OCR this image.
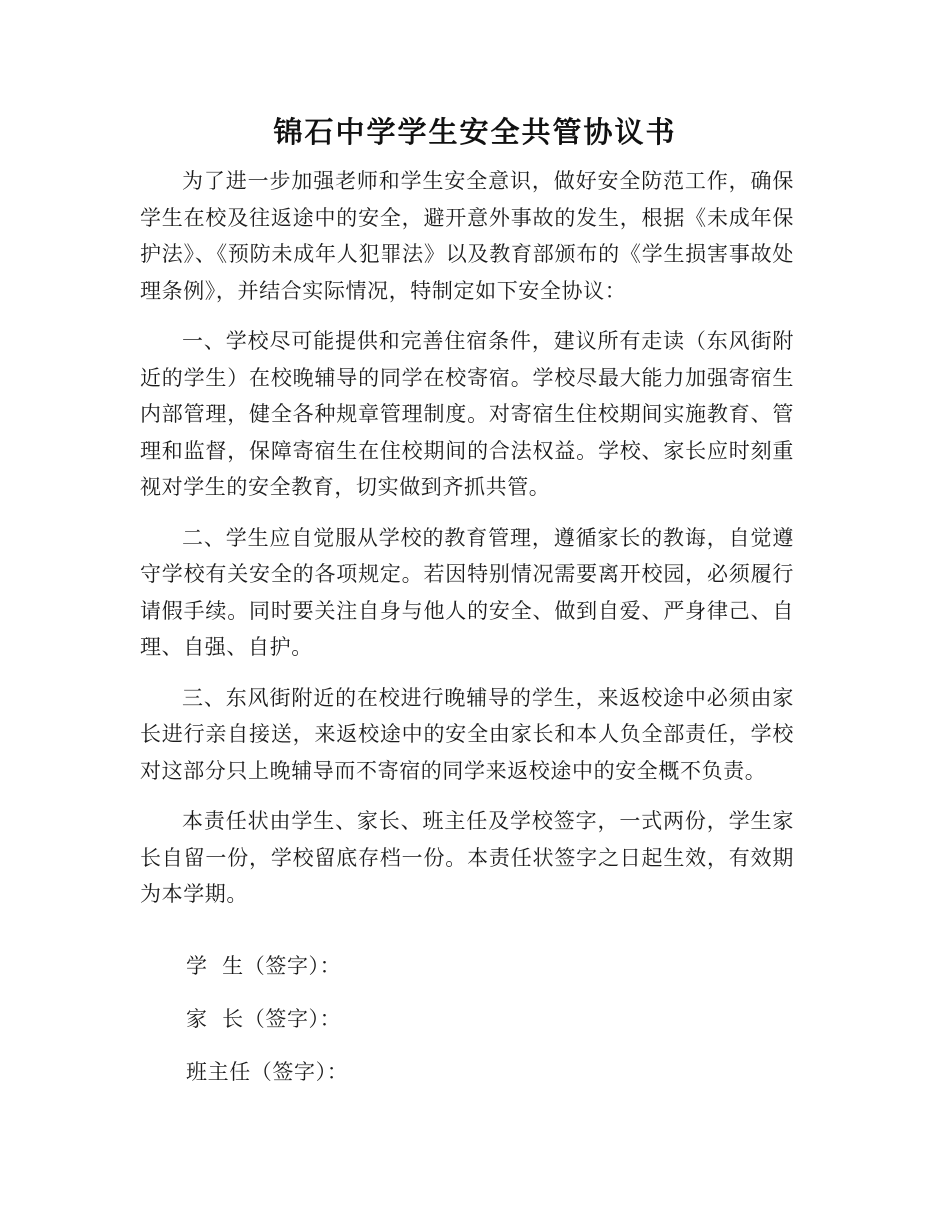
锦石中学学生安全共管协议书

为了进一步加强老师和学生安全意识，做好安全防范工作，确保学生在校及往返途中的安全，避开意外事故的发生，根据《未成年保护法》、《预防未成年人犯罪法》以及教育部颁布的《学生损害事故处理条例》，并结合实际情况，特制定如下安全协议：

一、学校尽可能提供和完善住宿条件，建议所有走读（东风街附近的学生）在校晚辅导的同学在校寄宿。学校尽最大能力加强寄宿生内部管理，健全各种规章管理制度。对寄宿生住校期间实施教育、管理和监督，保障寄宿生在住校期间的合法权益。学校、家长应时刻重视对学生的安全教育，切实做到齐抓共管。

二、学生应自觉服从学校的教育管理，遵循家长的教诲，自觉遵守学校有关安全的各项规定。若因特别情况需要离开校园，必须履行请假手续。同时要关注自身与他人的安全、做到自爱、严身律己、自理、自强、自护。

三、东风街附近的在校进行晚辅导的学生，来返校途中必须由家长进行亲自接送，来返校途中的安全由家长和本人负全部责任，学校对这部分只上晚辅导而不寄宿的同学来返校途中的安全概不负责。

本责任状由学生、家长、班主任及学校签字，一式两份，学生家长自留一份，学校留底存档一份。本责任状签字之日起生效，有效期为本学期。

学  生（签字）：
家  长（签字）：
班主任（签字）：
